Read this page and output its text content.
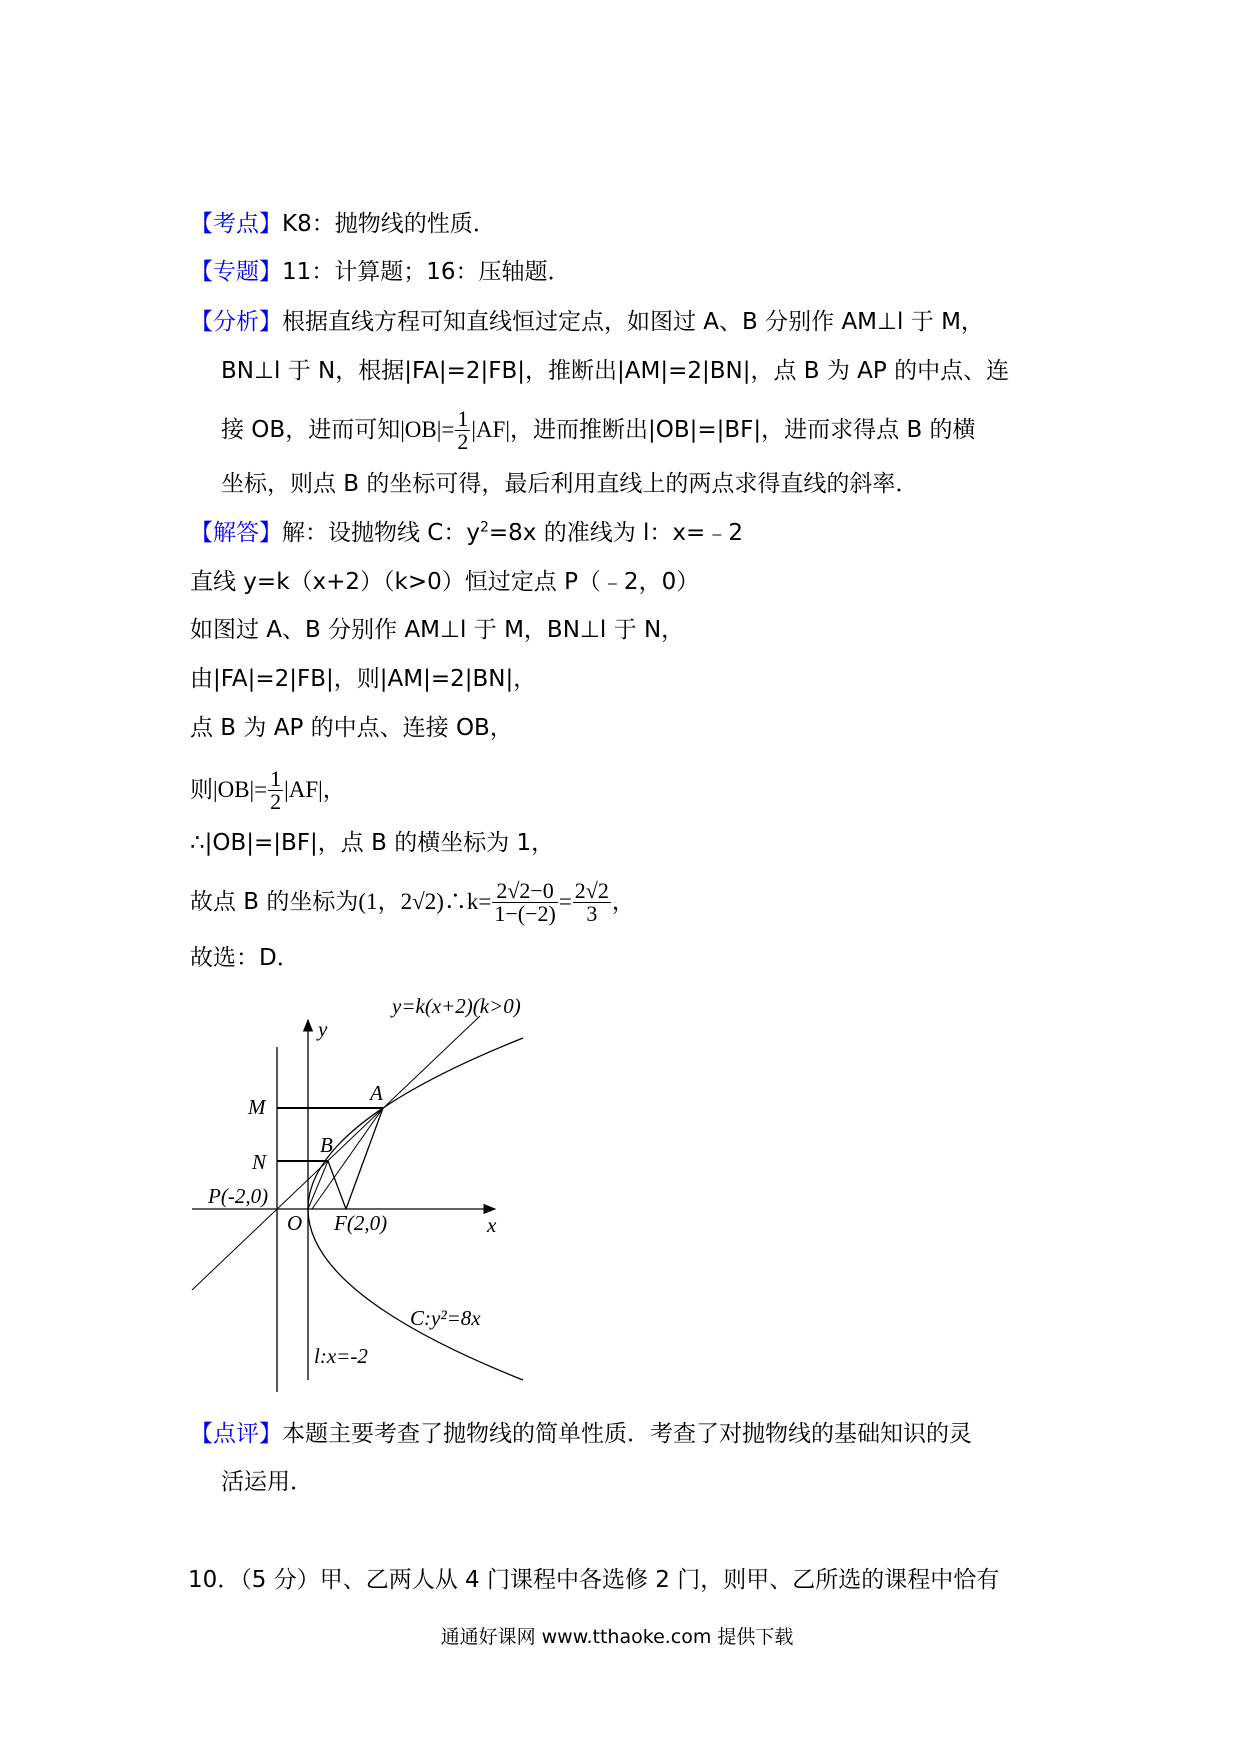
【考点】K8：抛物线的性质．
【专题】11：计算题；16：压轴题．
【分析】根据直线方程可知直线恒过定点，如图过 A、B 分别作 AM⊥l 于 M，
BN⊥l 于 N，根据|FA|=2|FB|，推断出|AM|=2|BN|，点 B 为 AP 的中点、连
接 OB，进而可知$|OB|= \frac{1}{2} |AF|$，进而推断出|OB|=|BF|，进而求得点 B 的横
坐标，则点 B 的坐标可得，最后利用直线上的两点求得直线的斜率．
【解答】解：设抛物线 C：$y^2=8x$ 的准线为 l：x=﹣2
直线 y=k（x+2）（k>0）恒过定点 P（﹣2，0）
如图过 A、B 分别作 AM⊥l 于 M，BN⊥l 于 N，
由|FA|=2|FB|，则|AM|=2|BN|，
点 B 为 AP 的中点、连接 OB，
则$|OB|= \frac{1}{2} |AF|$，
∴|OB|=|BF|，点 B 的横坐标为 1，
故点 B 的坐标为(1，2√2)∴k= $\frac{2√2-0}{1-(-2)} = \frac{2√2}{3}$ ，
故选：D．
y=k(x+2)(k>0)
y
x
M
N
A
B
P(-2,0)
O F(2,0)
C:y²=8x
l:x=-2
【点评】本题主要考查了抛物线的简单性质．考查了对抛物线的基础知识的灵
活运用．
10．（5 分）甲、乙两人从 4 门课程中各选修 2 门，则甲、乙所选的课程中恰有
通通好课网 www.tthaoke.com 提供下载
